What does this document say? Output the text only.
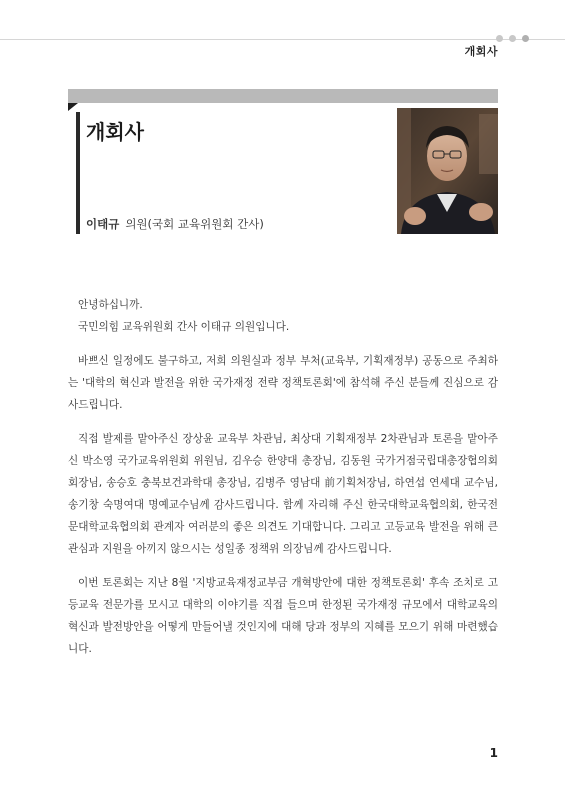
개회사
개회사
이태규 의원(국회 교육위원회 간사)

안녕하십니까.

국민의힘 교육위원회 간사 이태규 의원입니다.

바쁘신 일정에도 불구하고, 저희 의원실과 정부 부처(교육부, 기획재정부) 공동으로 주최하는 '대학의 혁신과 발전을 위한 국가재정 전략 정책토론회'에 참석해 주신 분들께 진심으로 감사드립니다.

직접 발제를 맡아주신 장상윤 교육부 차관님, 최상대 기획재정부 2차관님과 토론을 맡아주신 박소영 국가교육위원회 위원님, 김우승 한양대 총장님, 김동원 국가거점국립대총장협의회 회장님, 송승호 충북보건과학대 총장님, 김병주 영남대 前기획처장님, 하연섭 연세대 교수님, 송기창 숙명여대 명예교수님께 감사드립니다. 함께 자리해 주신 한국대학교육협의회, 한국전문대학교육협의회 관계자 여러분의 좋은 의견도 기대합니다. 그리고 고등교육 발전을 위해 큰 관심과 지원을 아끼지 않으시는 성일종 정책위 의장님께 감사드립니다.

이번 토론회는 지난 8월 '지방교육재정교부금 개혁방안에 대한 정책토론회' 후속 조치로 고등교육 전문가를 모시고 대학의 이야기를 직접 들으며 한정된 국가재정 규모에서 대학교육의 혁신과 발전방안을 어떻게 만들어낼 것인지에 대해 당과 정부의 지혜를 모으기 위해 마련했습니다.

1
